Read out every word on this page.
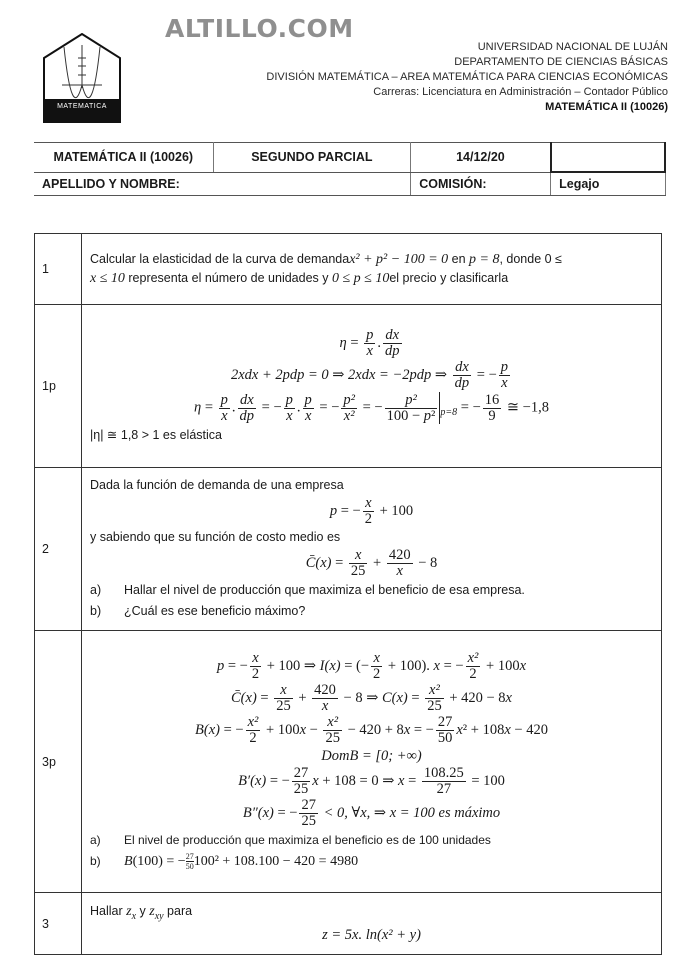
ALTILLO.COM
MATEMATICA
UNIVERSIDAD NACIONAL DE LUJÁN
DEPARTAMENTO DE CIENCIAS BÁSICAS
DIVISIÓN MATEMÁTICA – AREA MATEMÁTICA PARA CIENCIAS ECONÓMICAS
Carreras: Licenciatura en Administración – Contador Público
MATEMÁTICA II (10026)
MATEMÁTICA II (10026)	SEGUNDO PARCIAL	14/12/20	
APELLIDO Y NOMBRE:		COMISIÓN:	Legajo
1	Calcular la elasticidad de la curva de demandax² + p² − 100 = 0 en p = 8, donde 0 ≤
x ≤ 10 representa el número de unidades y 0 ≤ p ≤ 10el precio y clasificarla

1p	
$\eta = \frac{p}{x}$ . $\frac{dx}{dp}$
2xdx + 2pdp = 0 ⇒ 2xdx = −2pdp ⇒ $\frac{dx}{dp}$ = − $\frac{p}{x}$
$\eta = \frac{p}{x}$ . $\frac{dx}{dp}$ = − $\frac{p}{x}$ . $\frac{p}{x}$ = − $\frac{\text{p²}}{\text{x²}}$ = − $\frac{\text{p²}}{\text{100 − p²}} _{p=8}$ = − $\frac{16}{9}$ ≅ −1,8
|η| ≅ 1,8 > 1 es elástica

2	
Dada la función de demanda de una empresa
p = − $\frac{x}{2} + 100$
y sabiendo que su función de costo medio es
C̄(x) = $\frac{x}{25} + \frac{420}{x} - 8$
a)	Hallar el nivel de producción que maximiza el beneficio de esa empresa.
b)	¿Cuál es ese beneficio máximo?

3p	
p = − $\frac{x}{2} + 100$ ⇒ I(x) = (− $\frac{x}{2} + 100$). x = − $\frac{\text{x²}}{2} + 100x$
C̄(x) = $\frac{x}{25} + \frac{420}{x} - 8$ ⇒ $C(x) = \frac{\text{x²}}{25} + 420 - 8x$
B(x) = − $\frac{\text{x²}}{2} + 100x - \frac{\text{x²}}{25} - 420 + 8x$ = − $\frac{27}{50} x^2 + 108x - 420$
DomB = [0; +∞)
B′(x) = − $\frac{27}{25}$ x + 108 = 0 ⇒ $x = \frac{108.25}{27} = 100$
B″(x) = − $\frac{27}{25} < 0$, ∀x, ⇒ x = 100 es máximo
a)	El nivel de producción que maximiza el beneficio es de 100 unidades
b)	B(100) = − $\frac{27}{50} 100^2 + 108.100 - 420 = 4980$

3	Hallar $z_x$ y $z_{xy}$ para
z = 5x. ln(x² + y)
